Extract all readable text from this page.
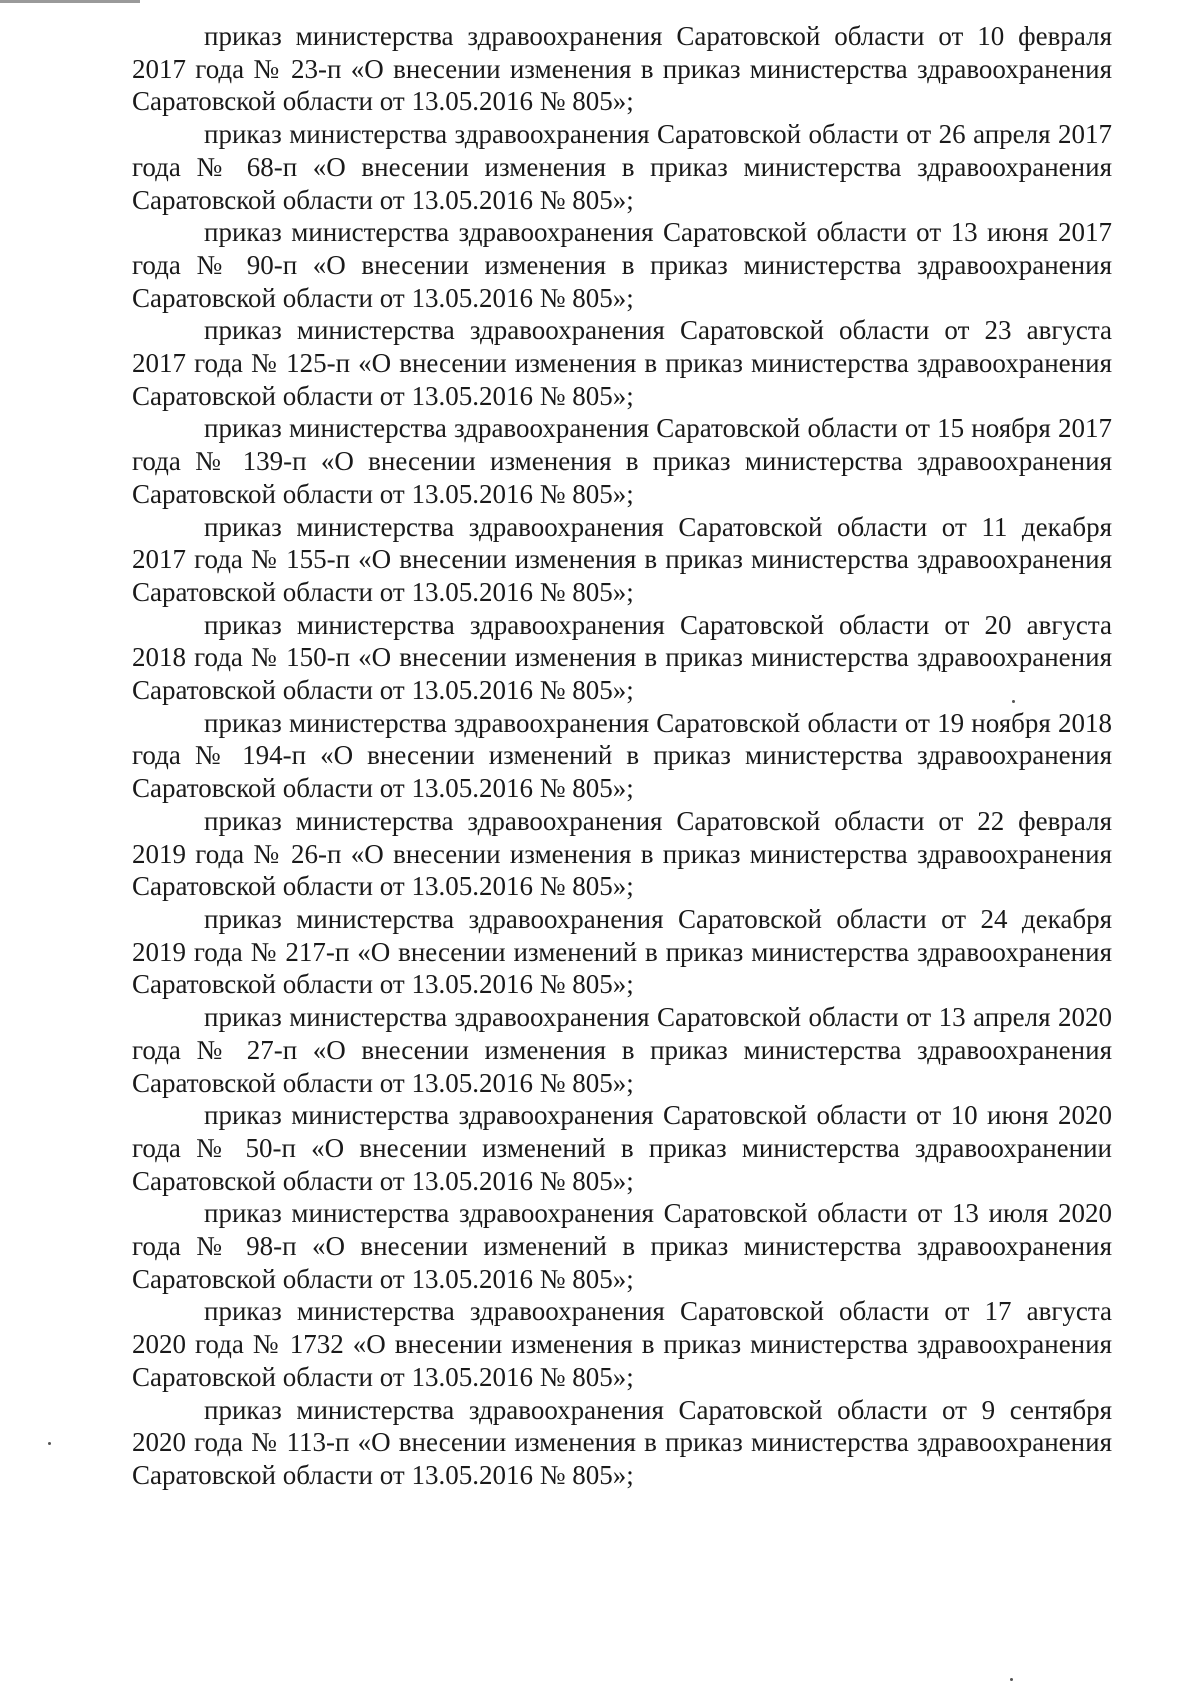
приказ министерства здравоохранения Саратовской области от 10 февраля 2017 года № 23-п «О внесении изменения в приказ министерства здравоохранения Саратовской области от 13.05.2016 № 805»;

приказ министерства здравоохранения Саратовской области от 26 апреля 2017 года № 68-п «О внесении изменения в приказ министерства здравоохранения Саратовской области от 13.05.2016 № 805»;

приказ министерства здравоохранения Саратовской области от 13 июня 2017 года № 90-п «О внесении изменения в приказ министерства здравоохранения Саратовской области от 13.05.2016 № 805»;

приказ министерства здравоохранения Саратовской области от 23 августа 2017 года № 125-п «О внесении изменения в приказ министерства здравоохранения Саратовской области от 13.05.2016 № 805»;

приказ министерства здравоохранения Саратовской области от 15 ноября 2017 года № 139-п «О внесении изменения в приказ министерства здравоохранения Саратовской области от 13.05.2016 № 805»;

приказ министерства здравоохранения Саратовской области от 11 декабря 2017 года № 155-п «О внесении изменения в приказ министерства здравоохранения Саратовской области от 13.05.2016 № 805»;

приказ министерства здравоохранения Саратовской области от 20 августа 2018 года № 150-п «О внесении изменения в приказ министерства здравоохранения Саратовской области от 13.05.2016 № 805»;

приказ министерства здравоохранения Саратовской области от 19 ноября 2018 года № 194-п «О внесении изменений в приказ министерства здравоохранения Саратовской области от 13.05.2016 № 805»;

приказ министерства здравоохранения Саратовской области от 22 февраля 2019 года № 26-п «О внесении изменения в приказ министерства здравоохранения Саратовской области от 13.05.2016 № 805»;

приказ министерства здравоохранения Саратовской области от 24 декабря 2019 года № 217-п «О внесении изменений в приказ министерства здравоохранения Саратовской области от 13.05.2016 № 805»;

приказ министерства здравоохранения Саратовской области от 13 апреля 2020 года № 27-п «О внесении изменения в приказ министерства здравоохранения Саратовской области от 13.05.2016 № 805»;

приказ министерства здравоохранения Саратовской области от 10 июня 2020 года № 50-п «О внесении изменений в приказ министерства здравоохранении Саратовской области от 13.05.2016 № 805»;

приказ министерства здравоохранения Саратовской области от 13 июля 2020 года № 98-п «О внесении изменений в приказ министерства здравоохранения Саратовской области от 13.05.2016 № 805»;

приказ министерства здравоохранения Саратовской области от 17 августа 2020 года № 1732 «О внесении изменения в приказ министерства здравоохранения Саратовской области от 13.05.2016 № 805»;

приказ министерства здравоохранения Саратовской области от 9 сентября 2020 года № 113-п «О внесении изменения в приказ министерства здравоохранения Саратовской области от 13.05.2016 № 805»;
